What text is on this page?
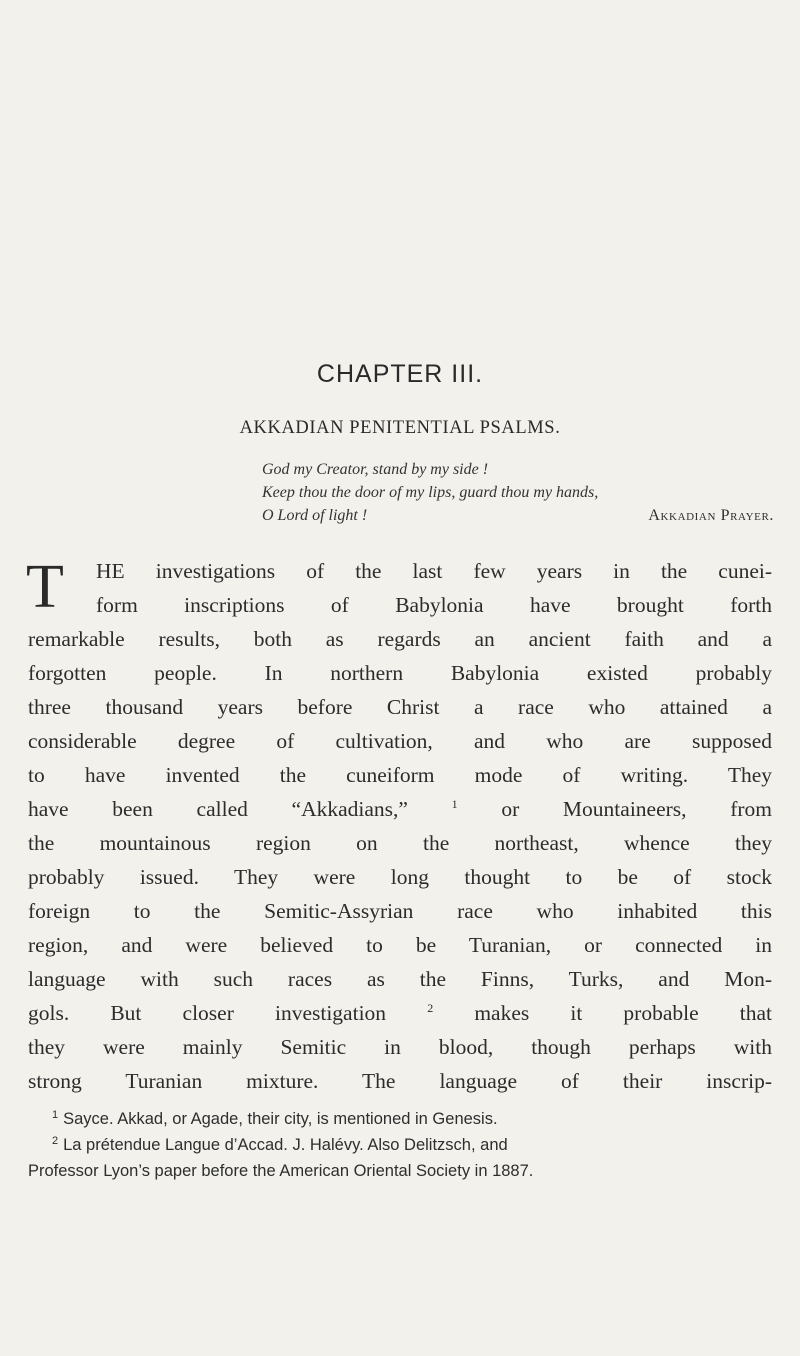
CHAPTER III.
AKKADIAN PENITENTIAL PSALMS.
God my Creator, stand by my side !
Keep thou the door of my lips, guard thou my hands,
O Lord of light !	Akkadian Prayer.
T HE investigations of the last few years in the cunei-
form inscriptions of Babylonia have brought forth
remarkable results, both as regards an ancient faith and a
forgotten people. In northern Babylonia existed probably
three thousand years before Christ a race who attained a
considerable degree of cultivation, and who are supposed
to have invented the cuneiform mode of writing. They
have been called “Akkadians,”	$^1$ or Mountaineers, from
the mountainous region on the northeast, whence they
probably issued. They were long thought to be of stock
foreign to the Semitic-Assyrian race who inhabited this
region, and were believed to be Turanian, or connected in
language with such races as the Finns, Turks, and Mon-
gols. But closer investigation	$^2$ makes it probable that
they were mainly Semitic in blood, though perhaps with
strong Turanian mixture. The language of their inscrip-
$^1$ Sayce. Akkad, or Agade, their city, is mentioned in Genesis.
$^2$ La prétendue Langue d’Accad. J. Halévy. Also Delitzsch, and
Professor Lyon’s paper before the American Oriental Society in 1887.
